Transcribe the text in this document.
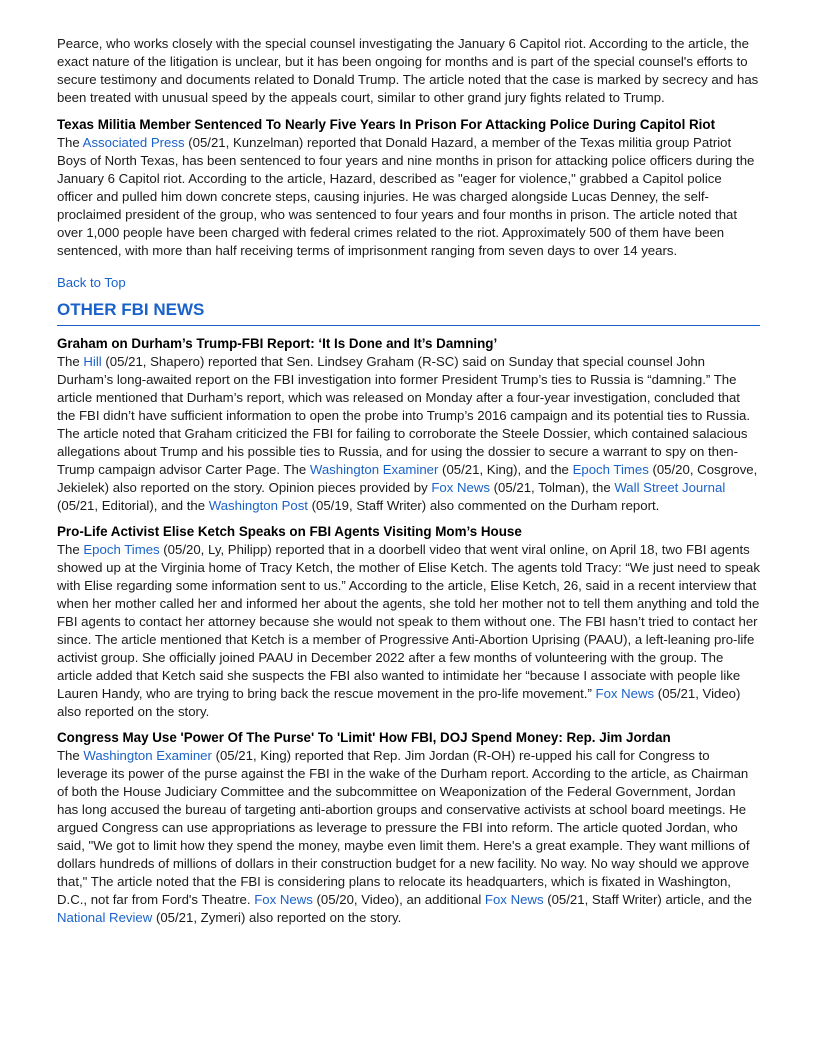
Pearce, who works closely with the special counsel investigating the January 6 Capitol riot. According to the article, the exact nature of the litigation is unclear, but it has been ongoing for months and is part of the special counsel's efforts to secure testimony and documents related to Donald Trump. The article noted that the case is marked by secrecy and has been treated with unusual speed by the appeals court, similar to other grand jury fights related to Trump.

Texas Militia Member Sentenced To Nearly Five Years In Prison For Attacking Police During Capitol Riot

The Associated Press (05/21, Kunzelman) reported that Donald Hazard, a member of the Texas militia group Patriot Boys of North Texas, has been sentenced to four years and nine months in prison for attacking police officers during the January 6 Capitol riot. According to the article, Hazard, described as "eager for violence," grabbed a Capitol police officer and pulled him down concrete steps, causing injuries. He was charged alongside Lucas Denney, the self-proclaimed president of the group, who was sentenced to four years and four months in prison. The article noted that over 1,000 people have been charged with federal crimes related to the riot. Approximately 500 of them have been sentenced, with more than half receiving terms of imprisonment ranging from seven days to over 14 years.

Back to Top
OTHER FBI NEWS

Graham on Durham’s Trump-FBI Report: ‘It Is Done and It’s Damning’

The Hill (05/21, Shapero) reported that Sen. Lindsey Graham (R-SC) said on Sunday that special counsel John Durham’s long-awaited report on the FBI investigation into former President Trump’s ties to Russia is “damning.” The article mentioned that Durham’s report, which was released on Monday after a four-year investigation, concluded that the FBI didn’t have sufficient information to open the probe into Trump’s 2016 campaign and its potential ties to Russia. The article noted that Graham criticized the FBI for failing to corroborate the Steele Dossier, which contained salacious allegations about Trump and his possible ties to Russia, and for using the dossier to secure a warrant to spy on then-Trump campaign advisor Carter Page. The Washington Examiner (05/21, King), and the Epoch Times (05/20, Cosgrove, Jekielek) also reported on the story. Opinion pieces provided by Fox News (05/21, Tolman), the Wall Street Journal (05/21, Editorial), and the Washington Post (05/19, Staff Writer) also commented on the Durham report.

Pro-Life Activist Elise Ketch Speaks on FBI Agents Visiting Mom’s House

The Epoch Times (05/20, Ly, Philipp) reported that in a doorbell video that went viral online, on April 18, two FBI agents showed up at the Virginia home of Tracy Ketch, the mother of Elise Ketch. The agents told Tracy: “We just need to speak with Elise regarding some information sent to us.” According to the article, Elise Ketch, 26, said in a recent interview that when her mother called her and informed her about the agents, she told her mother not to tell them anything and told the FBI agents to contact her attorney because she would not speak to them without one. The FBI hasn’t tried to contact her since. The article mentioned that Ketch is a member of Progressive Anti-Abortion Uprising (PAAU), a left-leaning pro-life activist group. She officially joined PAAU in December 2022 after a few months of volunteering with the group. The article added that Ketch said she suspects the FBI also wanted to intimidate her “because I associate with people like Lauren Handy, who are trying to bring back the rescue movement in the pro-life movement.” Fox News (05/21, Video) also reported on the story.

Congress May Use 'Power Of The Purse' To 'Limit' How FBI, DOJ Spend Money: Rep. Jim Jordan

The Washington Examiner (05/21, King) reported that Rep. Jim Jordan (R-OH) re-upped his call for Congress to leverage its power of the purse against the FBI in the wake of the Durham report. According to the article, as Chairman of both the House Judiciary Committee and the subcommittee on Weaponization of the Federal Government, Jordan has long accused the bureau of targeting anti-abortion groups and conservative activists at school board meetings. He argued Congress can use appropriations as leverage to pressure the FBI into reform. The article quoted Jordan, who said, "We got to limit how they spend the money, maybe even limit them. Here's a great example. They want millions of dollars hundreds of millions of dollars in their construction budget for a new facility. No way. No way should we approve that," The article noted that the FBI is considering plans to relocate its headquarters, which is fixated in Washington, D.C., not far from Ford's Theatre. Fox News (05/20, Video), an additional Fox News (05/21, Staff Writer) article, and the National Review (05/21, Zymeri) also reported on the story.
